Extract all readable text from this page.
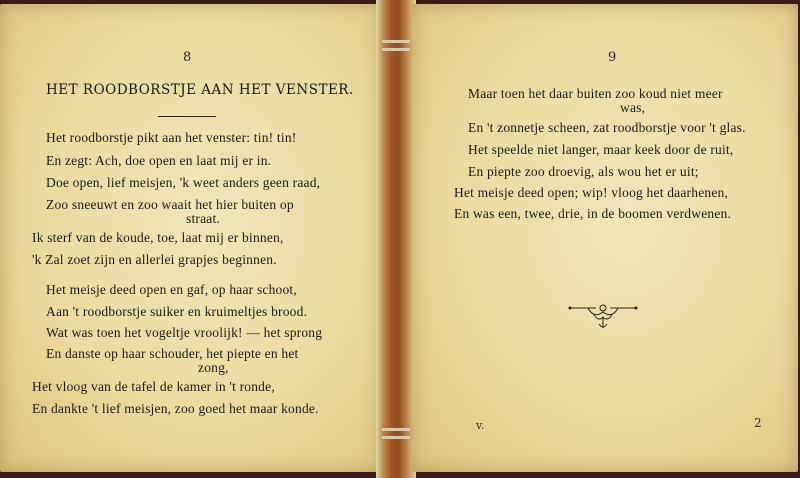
8
HET ROODBORSTJE AAN HET VENSTER.
Het roodborstje pikt aan het venster: tin! tin!
En zegt: Ach, doe open en laat mij er in.
Doe open, lief meisjen, 'k weet anders geen raad,
Zoo sneeuwt en zoo waait het hier buiten op
straat.
Ik sterf van de koude, toe, laat mij er binnen,
'k Zal zoet zijn en allerlei grapjes beginnen.
Het meisje deed open en gaf, op haar schoot,
Aan 't roodborstje suiker en kruimeltjes brood.
Wat was toen het vogeltje vroolijk! — het sprong
En danste op haar schouder, het piepte en het
zong,
Het vloog van de tafel de kamer in 't ronde,
En dankte 't lief meisjen, zoo goed het maar konde.
9
Maar toen het daar buiten zoo koud niet meer
was,
En 't zonnetje scheen, zat roodborstje voor 't glas.
Het speelde niet langer, maar keek door de ruit,
En piepte zoo droevig, als wou het er uit;
Het meisje deed open; wip! vloog het daarhenen,
En was een, twee, drie, in de boomen verdwenen.
v.	2
